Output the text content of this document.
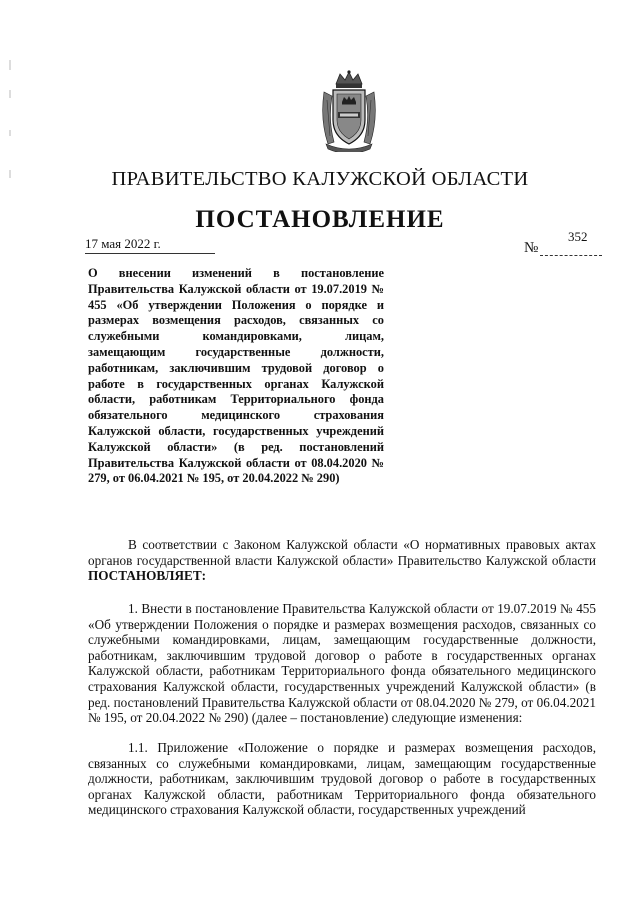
ПРАВИТЕЛЬСТВО КАЛУЖСКОЙ ОБЛАСТИ
ПОСТАНОВЛЕНИЕ
17 мая 2022 г.	№
352
О внесении изменений в постановление Правительства Калужской области от 19.07.2019 № 455 «Об утверждении Положения о порядке и размерах возмещения расходов, связанных со служебными командировками, лицам, замещающим государственные должности, работникам, заключившим трудовой договор о работе в государственных органах Калужской области, работникам Территориального фонда обязательного медицинского страхования Калужской области, государственных учреждений Калужской области» (в ред. постановлений Правительства Калужской области от 08.04.2020 № 279, от 06.04.2021 № 195, от 20.04.2022 № 290)
В соответствии с Законом Калужской области «О нормативных правовых актах органов государственной власти Калужской области» Правительство Калужской области ПОСТАНОВЛЯЕТ:
1. Внести в постановление Правительства Калужской области от 19.07.2019 № 455 «Об утверждении Положения о порядке и размерах возмещения расходов, связанных со служебными командировками, лицам, замещающим государственные должности, работникам, заключившим трудовой договор о работе в государственных органах Калужской области, работникам Территориального фонда обязательного медицинского страхования Калужской области, государственных учреждений Калужской области» (в ред. постановлений Правительства Калужской области от 08.04.2020 № 279, от 06.04.2021 № 195, от 20.04.2022 № 290) (далее – постановление) следующие изменения:
1.1. Приложение «Положение о порядке и размерах возмещения расходов, связанных со служебными командировками, лицам, замещающим государственные должности, работникам, заключившим трудовой договор о работе в государственных органах Калужской области, работникам Территориального фонда обязательного медицинского страхования Калужской области, государственных учреждений
